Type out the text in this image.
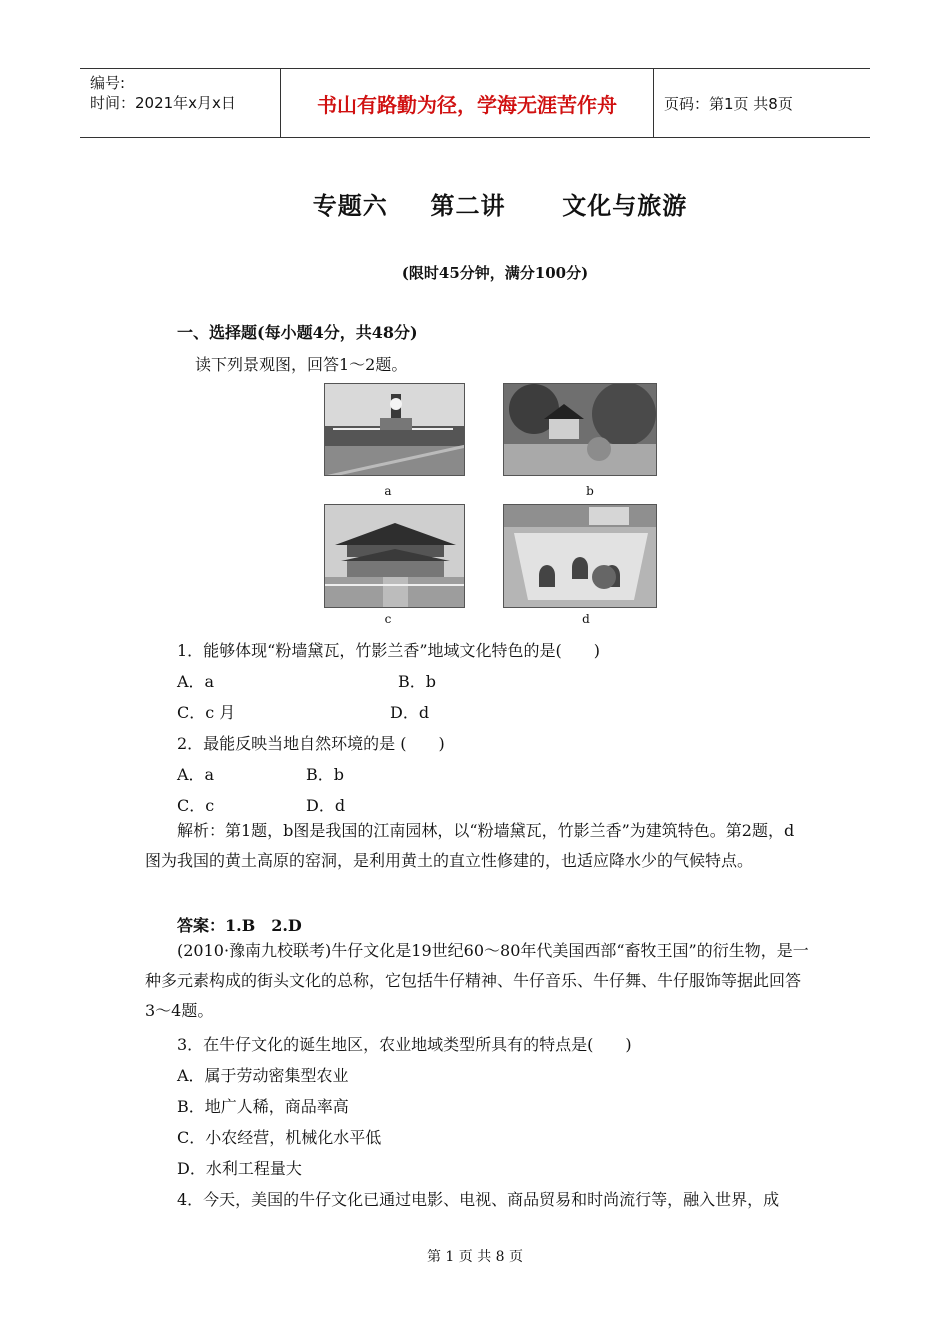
编号:
时间：2021年x月x日	书山有路勤为径，学海无涯苦作舟	页码：第1页 共8页
专题六 第二讲 文化与旅游
(限时45分钟，满分100分)
一、选择题(每小题4分，共48分)
读下列景观图，回答1～2题。
a	b
c	d
1．能够体现“粉墙黛瓦，竹影兰香”地域文化特色的是(　　)
A．a	B．b
C．c 月	D．d
2．最能反映当地自然环境的是 (　　)
A．a	B．b
C．c	D．d
解析：第1题，b图是我国的江南园林，以“粉墙黛瓦，竹影兰香”为建筑特色。第2题，d图为我国的黄土高原的窑洞，是利用黄土的直立性修建的，也适应降水少的气候特点。
答案：1.B　2.D
(2010·豫南九校联考)牛仔文化是19世纪60～80年代美国西部“畜牧王国”的衍生物，是一种多元素构成的街头文化的总称，它包括牛仔精神、牛仔音乐、牛仔舞、牛仔服饰等据此回答3～4题。
3．在牛仔文化的诞生地区，农业地域类型所具有的特点是(　　)
A．属于劳动密集型农业
B．地广人稀，商品率高
C．小农经营，机械化水平低
D．水利工程量大
4．今天，美国的牛仔文化已通过电影、电视、商品贸易和时尚流行等，融入世界，成
第 1 页 共 8 页
